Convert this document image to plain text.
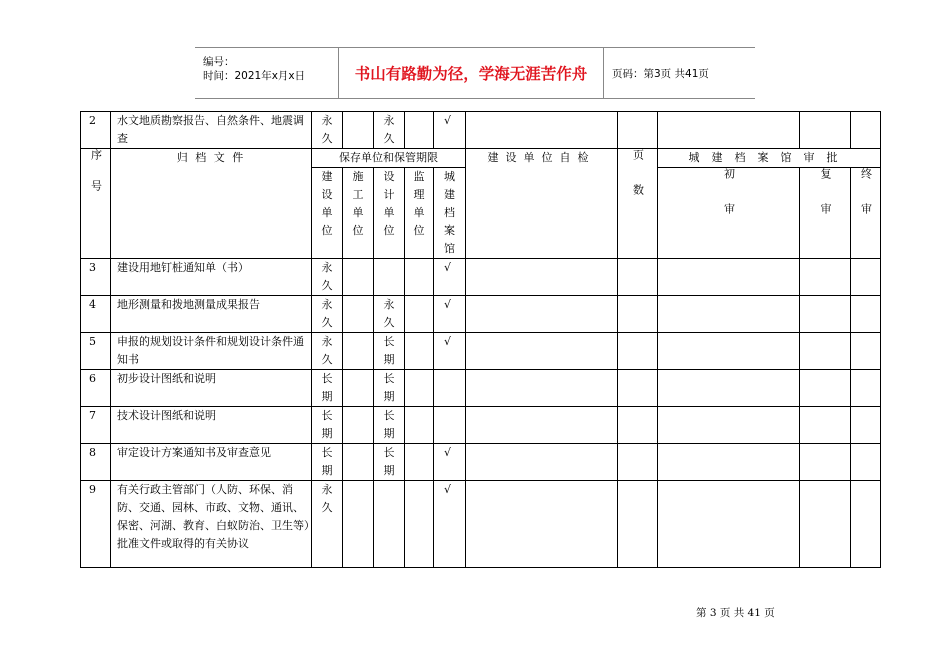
编号：
时间：2021年x月x日	书山有路勤为径，学海无涯苦作舟	页码：第3页 共41页
2	水文地质勘察报告、自然条件、地震调查	永久		永久		√					

序号	归 档 文 件	保存单位和保管期限					建设单位自检	页数	城建档案馆审批		
		建设单位	施工单位	设计单位	监理单位	城建档案馆			初审	复审	终审
3	建设用地钉桩通知单（书）	永久				√					
4	地形测量和拨地测量成果报告	永久		永久		√					
5	申报的规划设计条件和规划设计条件通知书	永久		长期		√					
6	初步设计图纸和说明	长期		长期							
7	技术设计图纸和说明	长期		长期							
8	审定设计方案通知书及审查意见	长期		长期		√					
9	有关行政主管部门（人防、环保、消防、交通、园林、市政、文物、通讯、保密、河湖、教育、白蚁防治、卫生等）批准文件或取得的有关协议	永久				√					
第 3 页 共 41 页
